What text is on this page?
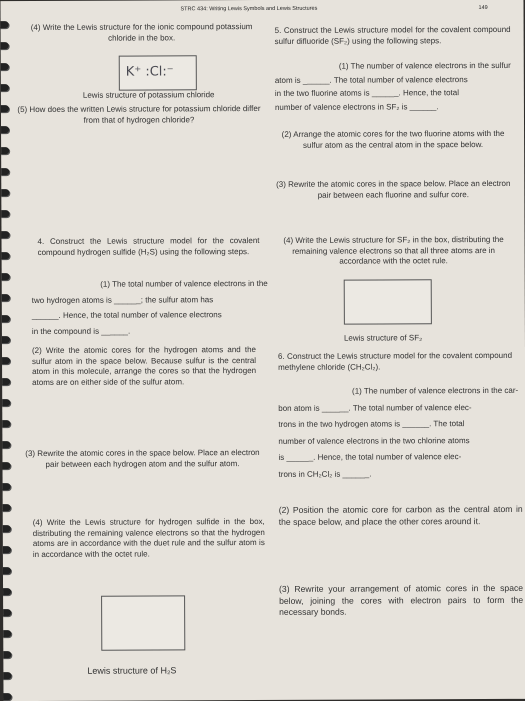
STRC 434: Writing Lewis Symbols and Lewis Structures	149

(4) Write the Lewis structure for the ionic compound potassium chloride in the box.

K⁺ :Cl:⁻
Lewis structure of potassium chloride

(5) How does the written Lewis structure for potassium chloride differ from that of hydrogen chloride?

4. Construct the Lewis structure model for the covalent compound hydrogen sulfide (H₂S) using the following steps.

(1) The total number of valence electrons in the

two hydrogen atoms is ______; the sulfur atom has

______. Hence, the total number of valence electrons

in the compound is ______.

(2) Write the atomic cores for the hydrogen atoms and the sulfur atom in the space below. Because sulfur is the central atom in this molecule, arrange the cores so that the hydrogen atoms are on either side of the sulfur atom.

(3) Rewrite the atomic cores in the space below. Place an electron pair between each hydrogen atom and the sulfur atom.

(4) Write the Lewis structure for hydrogen sulfide in the box, distributing the remaining valence electrons so that the hydrogen atoms are in accordance with the duet rule and the sulfur atom is in accordance with the octet rule.

Lewis structure of H₂S

5. Construct the Lewis structure model for the covalent compound sulfur difluoride (SF₂) using the following steps.

(1) The number of valence electrons in the sulfur

atom is ______. The total number of valence electrons

in the two fluorine atoms is ______. Hence, the total

number of valence electrons in SF₂ is ______.

(2) Arrange the atomic cores for the two fluorine atoms with the sulfur atom as the central atom in the space below.

(3) Rewrite the atomic cores in the space below. Place an electron pair between each fluorine and sulfur core.

(4) Write the Lewis structure for SF₂ in the box, distributing the remaining valence electrons so that all three atoms are in accordance with the octet rule.

Lewis structure of SF₂

6. Construct the Lewis structure model for the covalent compound methylene chloride (CH₂Cl₂).

(1) The number of valence electrons in the car-

bon atom is ______. The total number of valence elec-

trons in the two hydrogen atoms is ______. The total

number of valence electrons in the two chlorine atoms

is ______. Hence, the total number of valence elec-

trons in CH₂Cl₂ is ______.

(2) Position the atomic core for carbon as the central atom in the space below, and place the other cores around it.

(3) Rewrite your arrangement of atomic cores in the space below, joining the cores with electron pairs to form the necessary bonds.
